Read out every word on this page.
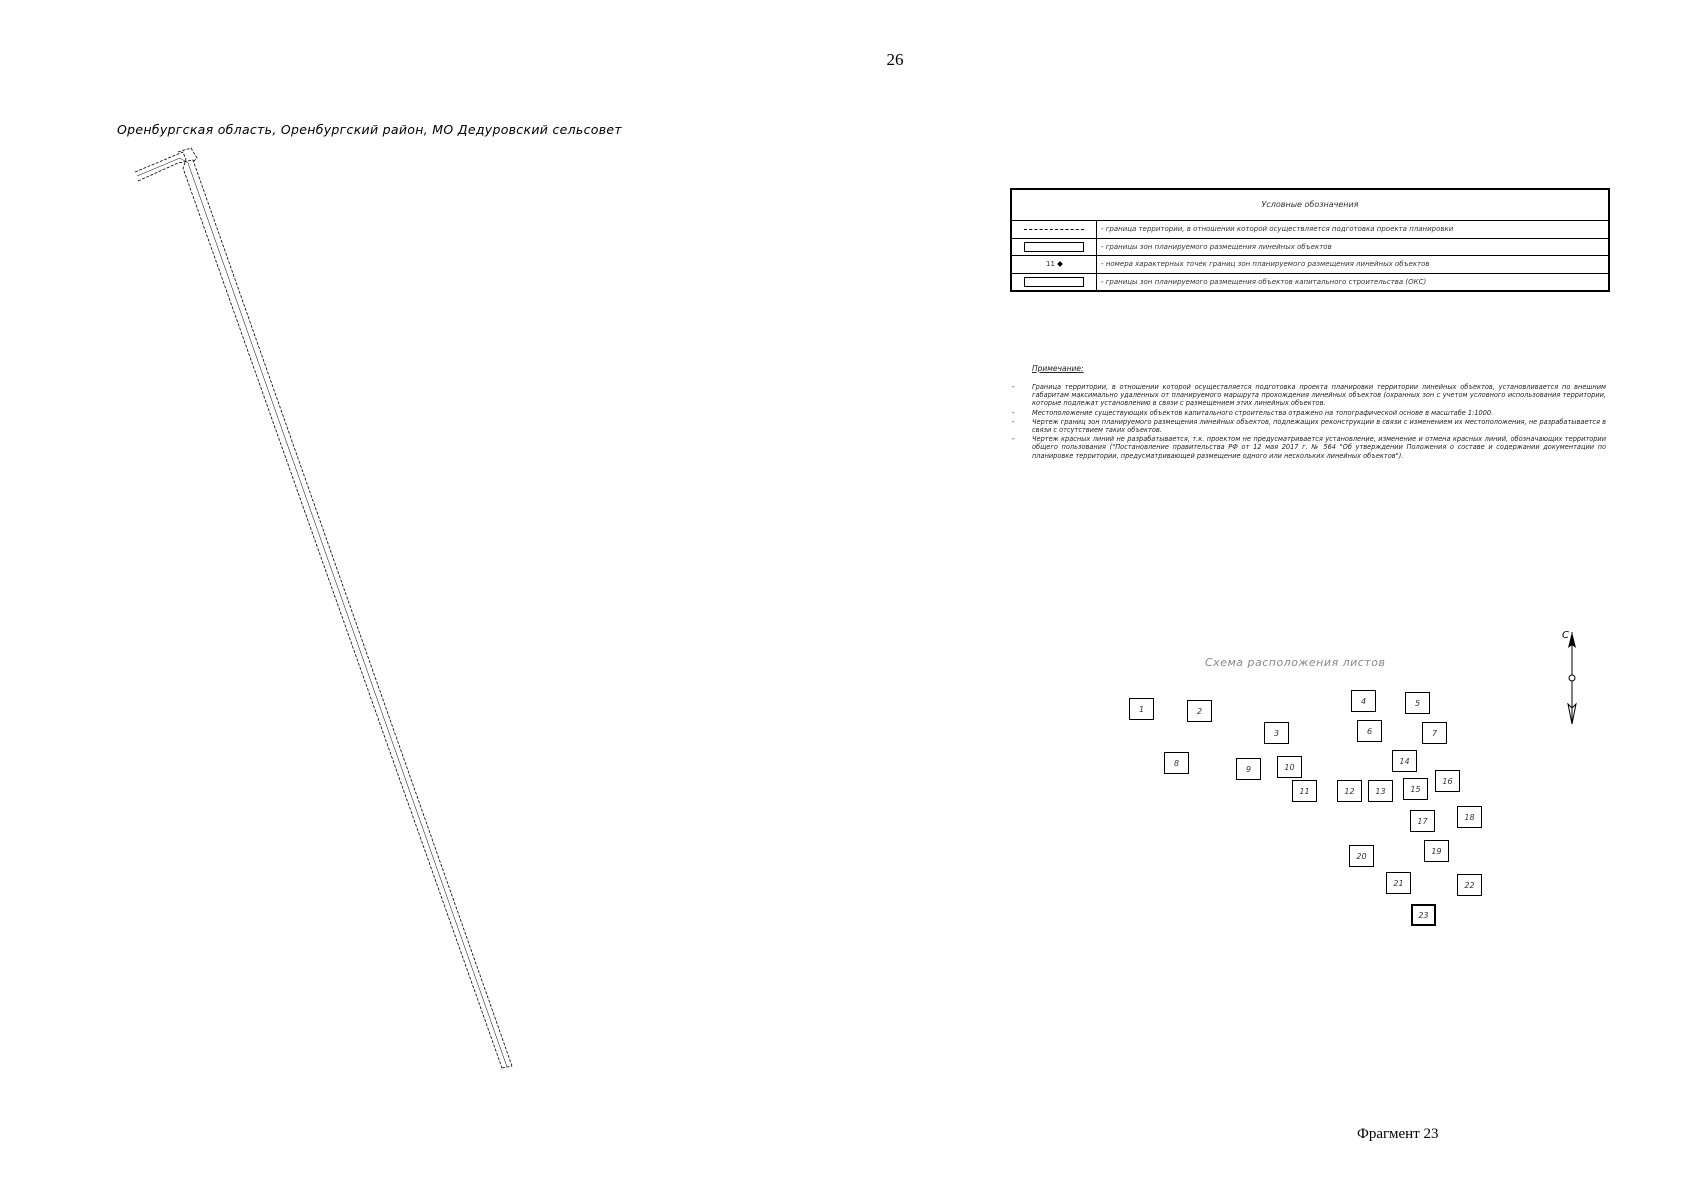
26
Оренбургская область, Оренбургский район, МО Дедуровский сельсовет
Условные обозначения
- граница территории, в отношении которой осуществляется подготовка проекта планировки
- границы зон планируемого размещения линейных объектов
11	- номера характерных точек границ зон планируемого размещения линейных объектов
- границы зон планируемого размещения объектов капитального строительства (ОКС)
Примечание:
-	Граница территории, в отношении которой осуществляется подготовка проекта планировки территории линейных объектов, установливается по внешним габаритам максимально удаленных от планируемого маршрута прохождения линейных объектов (охранных зон с учетом условного использования территории, которые подлежат установлению в связи с размещением этих линейных объектов.
-	Местоположение существующих объектов капитального строительства отражено на топографической основе в масштабе 1:1000.
-	Чертеж границ зон планируемого размещения линейных объектов, подлежащих реконструкции в связи с изменением их местоположения, не разрабатывается в связи с отсутствием таких объектов.
-	Чертеж красных линий не разрабатывается, т.к. проектом не предусматривается установление, изменение и отмена красных линий, обозначающих территории общего пользования ("Постановление правительства РФ от 12 мая 2017 г. № 564 "Об утверждении Положения о составе и содержании документации по планировке территории, предусматривающей размещение одного или нескольких линейных объектов").
Схема расположения листов
1	2
3
4	5
6	7
8
9	10
11	12	13
14
15
16
17	18
19
20
21	22
23
С
Фрагмент 23
